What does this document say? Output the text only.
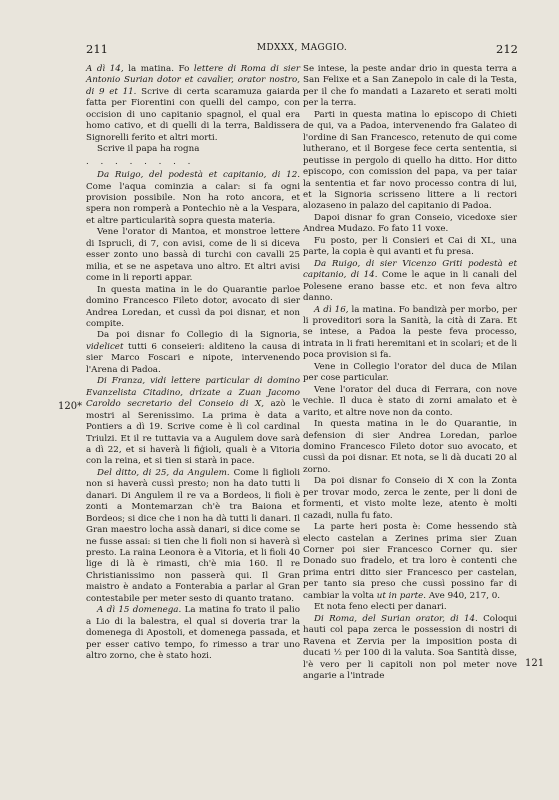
211	MDXXX, MAGGIO.	212
120*
121

A dì 14, la matina. Fo lettere di Roma di sier Antonio Surian dotor et cavalier, orator nostro, di 9 et 11. Scrive di certa scaramuza gaiarda fatta per Fiorentini con quelli del campo, con occision di uno capitanio spagnol, el qual era homo cativo, et di quelli di la terra, Baldissera Signorelli ferito et altri morti.

Scrive il papa ha rogna

. . . . . . . .

Da Ruigo, del podestà et capitanio, di 12. Come l'aqua cominzia a calar: si fa ogni provision possibile. Non ha roto ancora, et spera non romperà a Pontechio nè a la Vespara, et altre particularità sopra questa materia.

Vene l'orator di Mantoa, et monstroe lettere di Isprucli, di 7, con avisi, come de li si diceva esser zonto uno bassà di turchi con cavalli 25 milia, et se ne aspetava uno altro. Et altri avisi come in li reporti appar.

In questa matina in le do Quarantie parloe domino Francesco Fileto dotor, avocato di sier Andrea Loredan, et cussì da poi disnar, et non compite.

Da poi disnar fo Collegio di la Signoria, videlicet tutti 6 conseieri: alditeno la causa di sier Marco Foscari e nipote, intervenendo l'Arena di Padoa.

Di Franza, vidi lettere particular di domino Evanzelista Citadino, drizate a Zuan Jacomo Caroldo secretario del Conseio di X, azò le mostri al Serenissimo. La prima è data a Pontiers a dì 19. Scrive come è lì col cardinal Triulzi. Et il re tuttavia va a Augulem dove sarà a dì 22, et si haverà li fiġioli, quali è a Vitoria con la reina, et si tien si starà in pace.

Del ditto, di 25, da Angulem. Come li figlioli non si haverà cussì presto; non ha dato tutti li danari. Di Angulem il re va a Bordeos, li fioli è zonti a Montemarzan ch'è tra Baiona et Bordeos; si dice che i non ha dà tutti li danari. Il Gran maestro locha assà danari, si dice come se ne fusse assai: si tien che li fioli non si haverà sì presto. La raina Leonora è a Vitoria, et li fioli 40 lige di là è rimasti, ch'è mia 160. Il re Christianissimo non passerà qui. Il Gran maistro è andato a Fonterabia a parlar al Gran contestabile per meter sesto di quanto tratano.

A dì 15 domenega. La matina fo trato il palio a Lio di la balestra, el qual si doveria trar la domenega di Apostoli, et domenega passada, et per esser cativo tempo, fo rimesso a trar uno altro zorno, che è stato hozi.

Se intese, la peste andar drio in questa terra a San Felixe et a San Zanepolo in cale di la Testa, per il che fo mandati a Lazareto et serati molti per la terra.

Parti in questa matina lo episcopo di Chieti de qui, va a Padoa, intervenendo fra Galateo di l'ordine di San Francesco, retenuto de qui come lutherano, et il Borgese fece certa sententia, si peutisse in pergolo di quello ha ditto. Hor ditto episcopo, con comission del papa, va per taiar la sententia et far novo processo contra di lui, et la Signoria scrisseno littere a li rectori alozaseno in palazo del capitanio di Padoa.

Dapoi disnar fo gran Conseio, vicedoxe sier Andrea Mudazo. Fo fato 11 voxe.

Fu posto, per li Consieri et Cai di XL, una parte, la copia è qui avanti et fu presa.

Da Ruigo, di sier Vicenzo Griti podestà et capitanio, di 14. Come le aque in li canali del Polesene erano basse etc. et non feva altro danno.

A dì 16, la matina. Fo bandizà per morbo, per li proveditori sora la Sanità, la cità di Zara. Et se intese, a Padoa la peste feva processo, intrata in li frati heremitani et in scolari; et de li poca provision si fa.

Vene in Collegio l'orator del duca de Milan per cose particular.

Vene l'orator del duca di Ferrara, con nove vechie. Il duca è stato di zorni amalato et è varito, et altre nove non da conto.

In questa matina in le do Quarantie, in defension di sier Andrea Loredan, parloe domino Francesco Fileto dotor suo avocato, et cussì da poi disnar. Et nota, se li dà ducati 20 al zorno.

Da poi disnar fo Conseio di X con la Zonta per trovar modo, zerca le zente, per li doni de formenti, et visto molte leze, atento è molti cazadi, nulla fu fato.

La parte heri posta è: Come hessendo stà electo castelan a Zerines prima sier Zuan Corner poi sier Francesco Corner qu. sier Donado suo fradelo, et tra loro è contenti che prima entri ditto sier Francesco per castelan, per tanto sia preso che cussì possino far di cambiar la volta ut in parte. Ave 940, 217, 0.

Et nota feno electi per danari.

Di Roma, del Surian orator, di 14. Coloqui hauti col papa zerca le possession di nostri di Ravena et Zervia per la imposition posta di ducati ½ per 100 di la valuta. Soa Santità disse, l'è vero per li capitoli non pol meter nove angarie a l'intrade
